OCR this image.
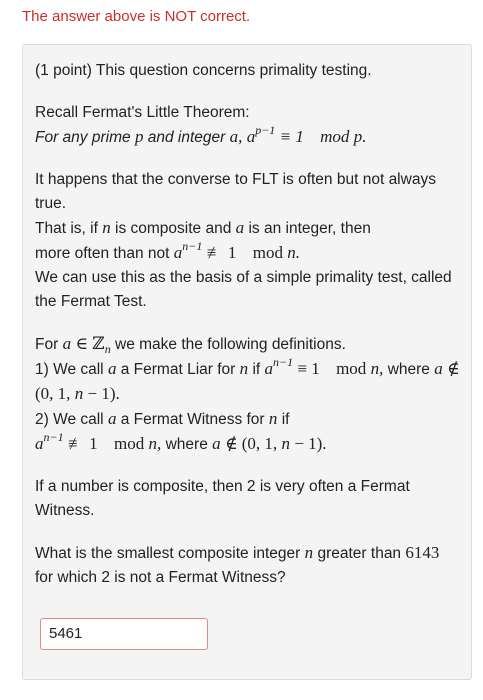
The answer above is NOT correct.

(1 point) This question concerns primality testing.

Recall Fermat's Little Theorem:

For any prime p and integer a, $a^{p-1} \equiv 1$ mod p.

It happens that the converse to FLT is often but not always true.

That is, if n is composite and a is an integer, then

more often than not $a^{n-1}$ ≢ 1 mod n.

We can use this as the basis of a simple primality test, called the Fermat Test.

For a ∈ ℤ$_n$ we make the following definitions.

1) We call a a Fermat Liar for n if $a^{n-1} \equiv 1$ mod n, where a ∉ (0, 1, n − 1).

2) We call a a Fermat Witness for n if
$a^{n-1}$ ≢ 1 mod n, where a ∉ (0, 1, n − 1).

If a number is composite, then 2 is very often a Fermat Witness.

What is the smallest composite integer n greater than 6143 for which 2 is not a Fermat Witness?

5461
